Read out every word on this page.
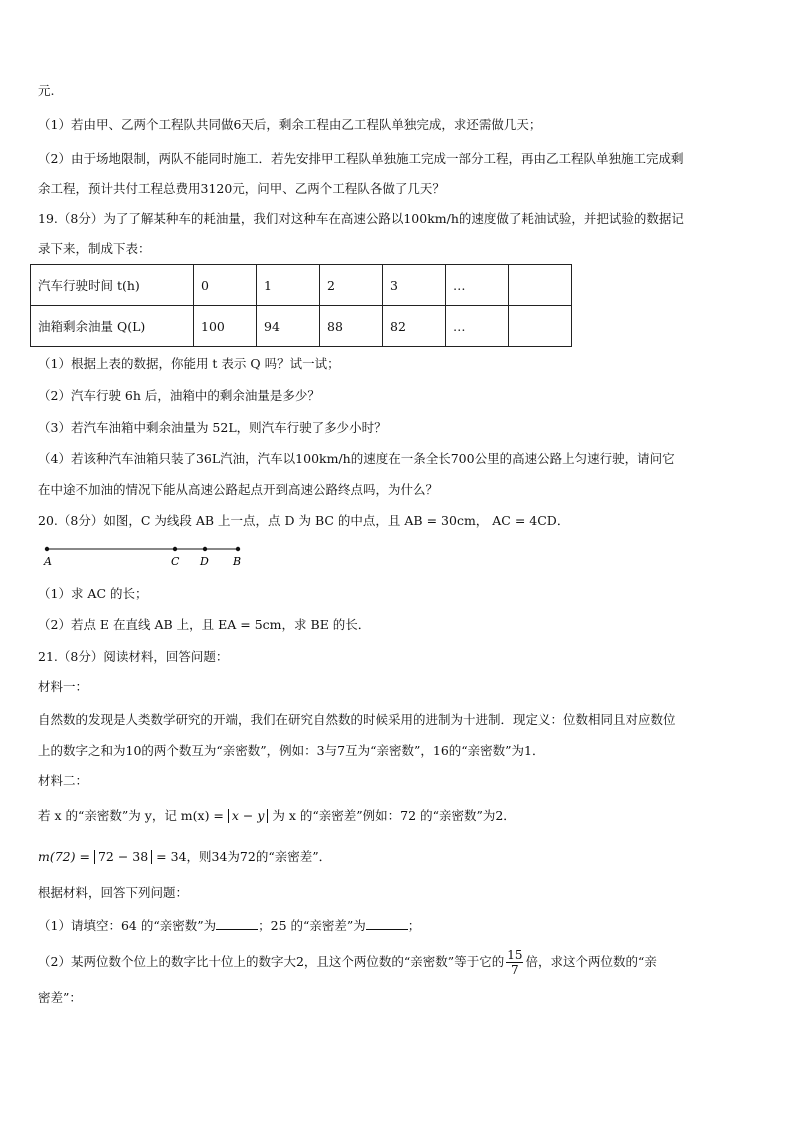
元.
（1）若由甲、乙两个工程队共同做6天后，剩余工程由乙工程队单独完成，求还需做几天；
（2）由于场地限制，两队不能同时施工．若先安排甲工程队单独施工完成一部分工程，再由乙工程队单独施工完成剩
余工程，预计共付工程总费用3120元，问甲、乙两个工程队各做了几天？
19.（8分）为了了解某种车的耗油量，我们对这种车在高速公路以100km/h的速度做了耗油试验，并把试验的数据记
录下来，制成下表：
汽车行驶时间 t(h)	0	1	2	3	…	
油箱剩余油量 Q(L)	100	94	88	82	…	
（1）根据上表的数据，你能用 t 表示 Q 吗？试一试；
（2）汽车行驶 6h 后，油箱中的剩余油量是多少？
（3）若汽车油箱中剩余油量为 52L，则汽车行驶了多少小时？
（4）若该种汽车油箱只装了36L汽油，汽车以100km/h的速度在一条全长700公里的高速公路上匀速行驶，请问它
在中途不加油的情况下能从高速公路起点开到高速公路终点吗，为什么？
20.（8分）如图，C 为线段 AB 上一点，点 D 为 BC 的中点，且 AB = 30cm， AC = 4CD．
A	C D B
（1）求 AC 的长；
（2）若点 E 在直线 AB 上，且 EA = 5cm，求 BE 的长．
21.（8分）阅读材料，回答问题：
材料一：
自然数的发现是人类数学研究的开端，我们在研究自然数的时候采用的进制为十进制．现定义：位数相同且对应数位
上的数字之和为10的两个数互为“亲密数”，例如：3与7互为“亲密数”，16的“亲密数”为1．
材料二：
若 x 的“亲密数”为 y，记 m(x) = x − y 为 x 的“亲密差”例如：72 的“亲密数”为2．
m(72) = 72 − 38 = 34，则34为72的“亲密差”．
根据材料，回答下列问题：
（1）请填空：64 的“亲密数”为	；25 的“亲密差”为	；
（2）某两位数个位上的数字比十位上的数字大2，且这个两位数的“亲密数”等于它的 $\frac{15}{7}$ 倍，求这个两位数的“亲
密差”：
